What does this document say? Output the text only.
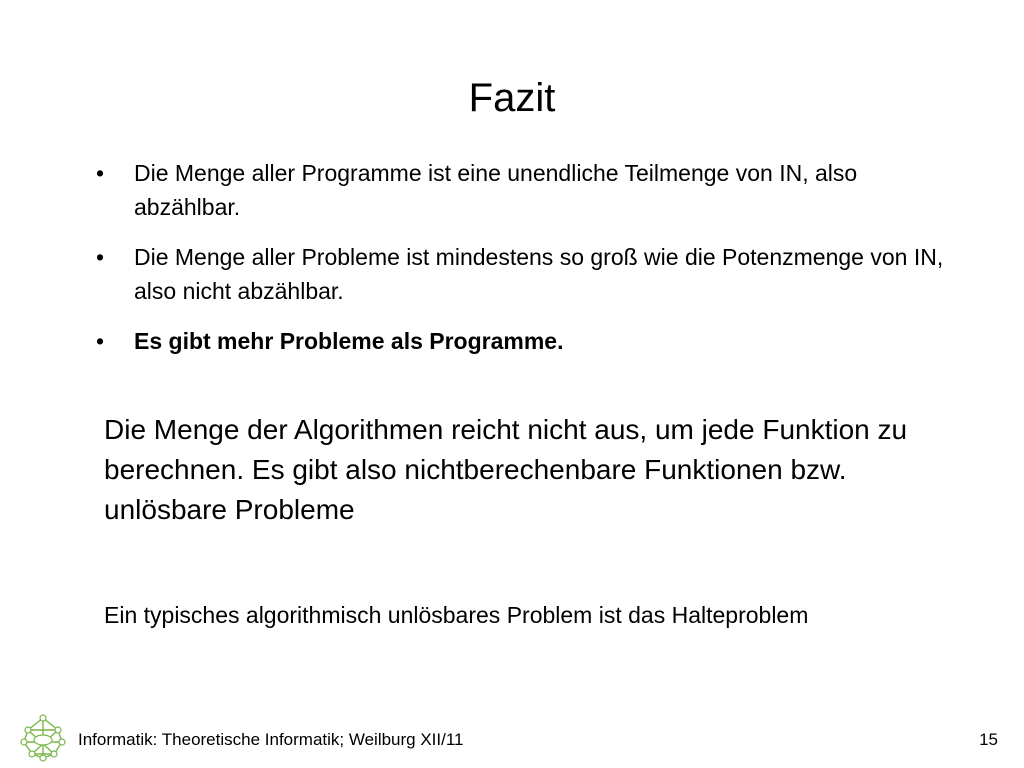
Fazit
• Die Menge aller Programme ist eine unendliche Teilmenge von IN, also abzählbar.
• Die Menge aller Probleme ist mindestens so groß wie die Potenzmenge von IN, also nicht abzählbar.
• Es gibt mehr Probleme als Programme.

Die Menge der Algorithmen reicht nicht aus, um jede Funktion zu berechnen. Es gibt also nichtberechenbare Funktionen bzw. unlösbare Probleme

Ein typisches algorithmisch unlösbares Problem ist das Halteproblem

Informatik: Theoretische Informatik; Weilburg XII/11	15
